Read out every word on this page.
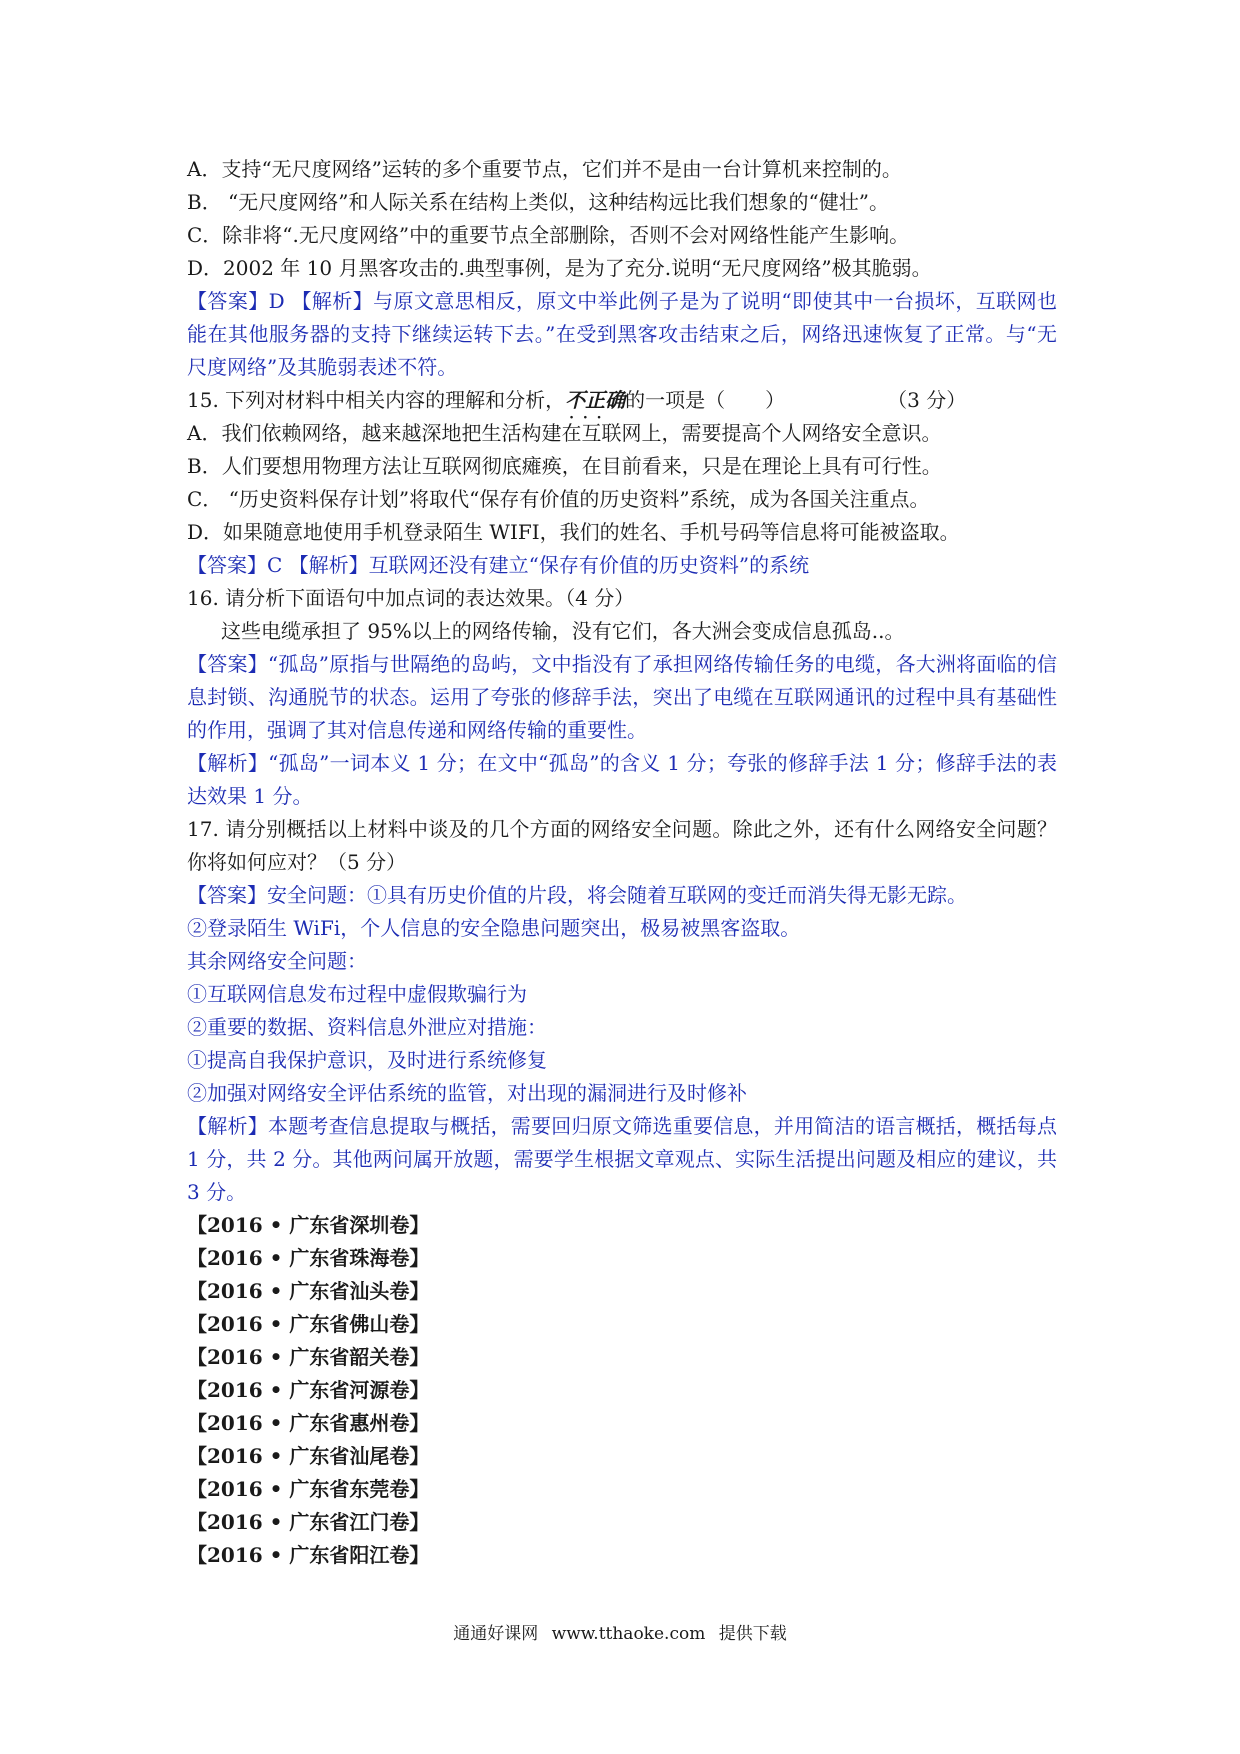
A．支持“无尺度网络”运转的多个重要节点，它们并不是由一台计算机来控制的。
B． “无尺度网络”和人际关系在结构上类似，这种结构远比我们想象的“健壮”。
C．除非将“.无尺度网络”中的重要节点全部删除，否则不会对网络性能产生影响。
D．2002 年 10 月黑客攻击的.典型事例，是为了充分.说明“无尺度网络”极其脆弱。
【答案】D 【解析】与原文意思相反，原文中举此例子是为了说明“即使其中一台损坏，互联网也能在其他服务器的支持下继续运转下去。”在受到黑客攻击结束之后，网络迅速恢复了正常。与“无尺度网络”及其脆弱表述不符。
15. 下列对材料中相关内容的理解和分析，不正确 · · ·的一项是（　　）	（3 分）
A．我们依赖网络，越来越深地把生活构建在互联网上，需要提高个人网络安全意识。
B．人们要想用物理方法让互联网彻底瘫痪，在目前看来，只是在理论上具有可行性。
C． “历史资料保存计划”将取代“保存有价值的历史资料”系统，成为各国关注重点。
D．如果随意地使用手机登录陌生 WIFI，我们的姓名、手机号码等信息将可能被盗取。
【答案】C 【解析】互联网还没有建立“保存有价值的历史资料”的系统
16. 请分析下面语句中加点词的表达效果。（4 分）
这些电缆承担了 95%以上的网络传输，没有它们，各大洲会变成信息孤岛..。
【答案】“孤岛”原指与世隔绝的岛屿，文中指没有了承担网络传输任务的电缆，各大洲将面临的信息封锁、沟通脱节的状态。运用了夸张的修辞手法，突出了电缆在互联网通讯的过程中具有基础性的作用，强调了其对信息传递和网络传输的重要性。
【解析】“孤岛”一词本义 1 分；在文中“孤岛”的含义 1 分；夸张的修辞手法 1 分；修辞手法的表达效果 1 分。
17. 请分别概括以上材料中谈及的几个方面的网络安全问题。除此之外，还有什么网络安全问题？你将如何应对？（5 分）
【答案】安全问题：①具有历史价值的片段，将会随着互联网的变迁而消失得无影无踪。
②登录陌生 WiFi，个人信息的安全隐患问题突出，极易被黑客盗取。
其余网络安全问题：
①互联网信息发布过程中虚假欺骗行为
②重要的数据、资料信息外泄应对措施：
①提高自我保护意识，及时进行系统修复
②加强对网络安全评估系统的监管，对出现的漏洞进行及时修补
【解析】本题考查信息提取与概括，需要回归原文筛选重要信息，并用简洁的语言概括，概括每点 1 分，共 2 分。其他两问属开放题，需要学生根据文章观点、实际生活提出问题及相应的建议，共 3 分。
【2016 • 广东省深圳卷】
【2016 • 广东省珠海卷】
【2016 • 广东省汕头卷】
【2016 • 广东省佛山卷】
【2016 • 广东省韶关卷】
【2016 • 广东省河源卷】
【2016 • 广东省惠州卷】
【2016 • 广东省汕尾卷】
【2016 • 广东省东莞卷】
【2016 • 广东省江门卷】
【2016 • 广东省阳江卷】
通通好课网 www.tthaoke.com 提供下载
